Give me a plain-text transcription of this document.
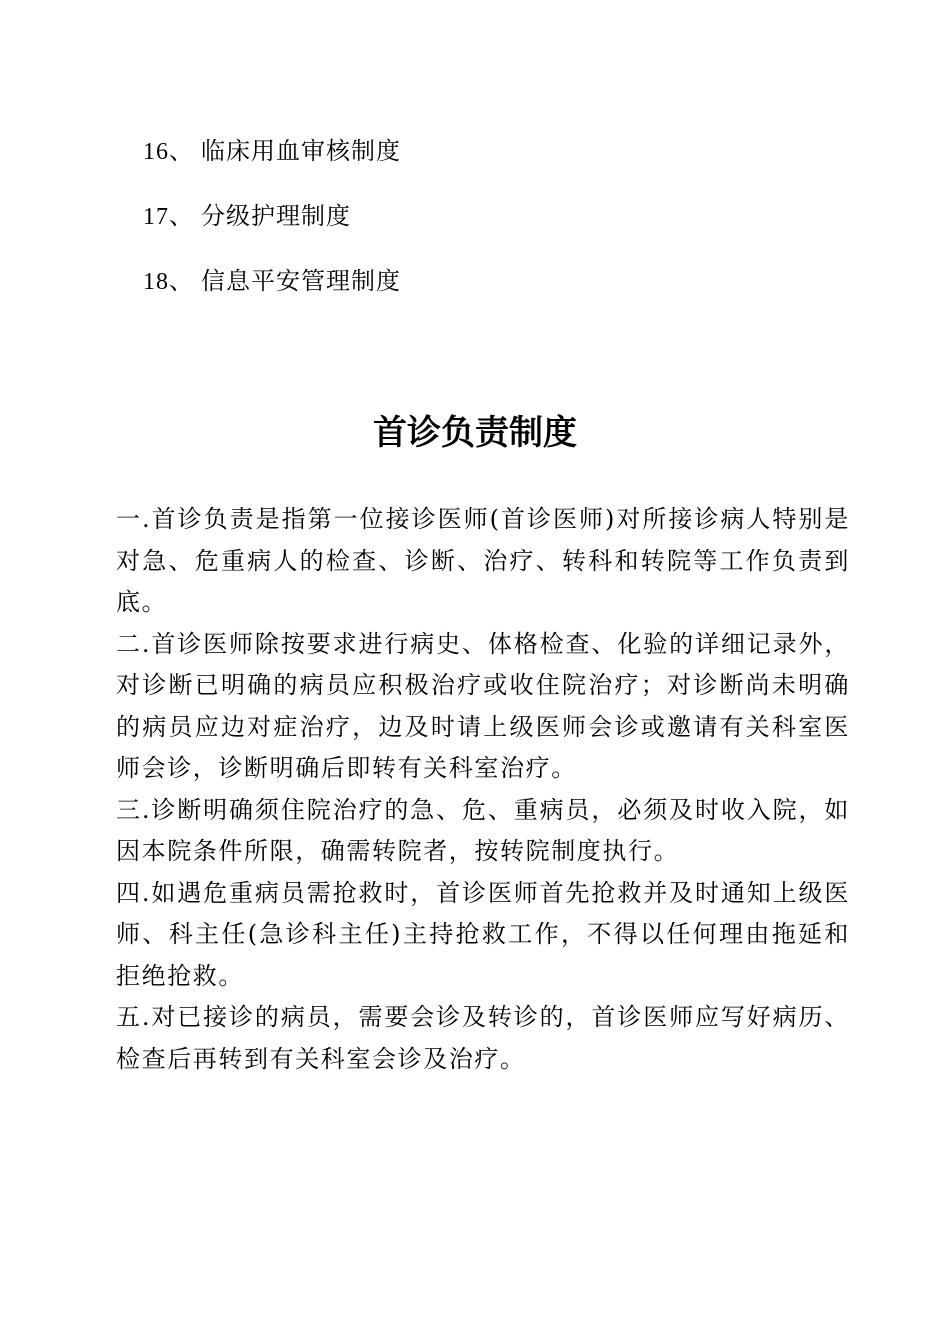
16、 临床用血审核制度
17、 分级护理制度
18、 信息平安管理制度
首诊负责制度

一.首诊负责是指第一位接诊医师(首诊医师)对所接诊病人特别是对急、危重病人的检查、诊断、治疗、转科和转院等工作负责到底。

二.首诊医师除按要求进行病史、体格检查、化验的详细记录外，对诊断已明确的病员应积极治疗或收住院治疗；对诊断尚未明确的病员应边对症治疗，边及时请上级医师会诊或邀请有关科室医师会诊，诊断明确后即转有关科室治疗。

三.诊断明确须住院治疗的急、危、重病员，必须及时收入院，如因本院条件所限，确需转院者，按转院制度执行。

四.如遇危重病员需抢救时，首诊医师首先抢救并及时通知上级医师、科主任(急诊科主任)主持抢救工作，不得以任何理由拖延和拒绝抢救。

五.对已接诊的病员，需要会诊及转诊的，首诊医师应写好病历、检查后再转到有关科室会诊及治疗。
